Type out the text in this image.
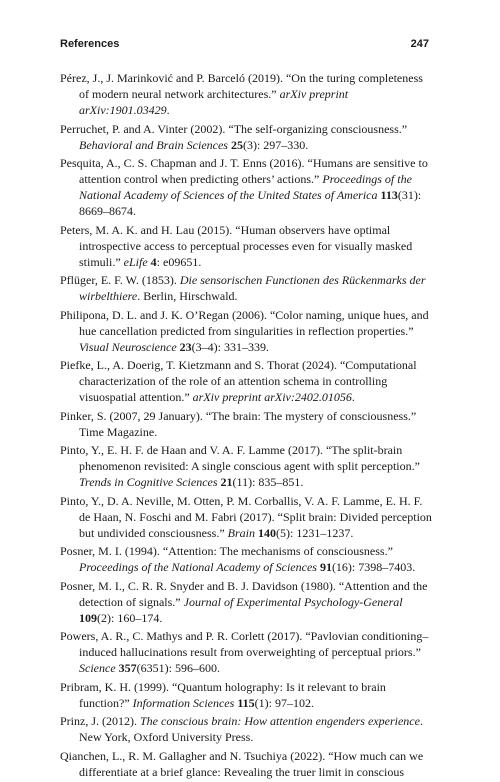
References	247
Pérez, J., J. Marinković and P. Barceló (2019). “On the turing completeness of modern neural network architectures.” arXiv preprint arXiv:1901.03429.
Perruchet, P. and A. Vinter (2002). “The self-organizing consciousness.” Behavioral and Brain Sciences 25(3): 297–330.
Pesquita, A., C. S. Chapman and J. T. Enns (2016). “Humans are sensitive to attention control when predicting others’ actions.” Proceedings of the National Academy of Sciences of the United States of America 113(31): 8669–8674.
Peters, M. A. K. and H. Lau (2015). “Human observers have optimal introspective access to perceptual processes even for visually masked stimuli.” eLife 4: e09651.
Pflüger, E. F. W. (1853). Die sensorischen Functionen des Rückenmarks der wirbelthiere. Berlin, Hirschwald.
Philipona, D. L. and J. K. O’Regan (2006). “Color naming, unique hues, and hue cancellation predicted from singularities in reflection properties.” Visual Neuroscience 23(3–4): 331–339.
Piefke, L., A. Doerig, T. Kietzmann and S. Thorat (2024). “Computational characterization of the role of an attention schema in controlling visuospatial attention.” arXiv preprint arXiv:2402.01056.
Pinker, S. (2007, 29 January). “The brain: The mystery of consciousness.” Time Magazine.
Pinto, Y., E. H. F. de Haan and V. A. F. Lamme (2017). “The split-brain phenomenon revisited: A single conscious agent with split perception.” Trends in Cognitive Sciences 21(11): 835–851.
Pinto, Y., D. A. Neville, M. Otten, P. M. Corballis, V. A. F. Lamme, E. H. F. de Haan, N. Foschi and M. Fabri (2017). “Split brain: Divided perception but undivided consciousness.” Brain 140(5): 1231–1237.
Posner, M. I. (1994). “Attention: The mechanisms of consciousness.” Proceedings of the National Academy of Sciences 91(16): 7398–7403.
Posner, M. I., C. R. R. Snyder and B. J. Davidson (1980). “Attention and the detection of signals.” Journal of Experimental Psychology-General 109(2): 160–174.
Powers, A. R., C. Mathys and P. R. Corlett (2017). “Pavlovian conditioning–induced hallucinations result from overweighting of perceptual priors.” Science 357(6351): 596–600.
Pribram, K. H. (1999). “Quantum holography: Is it relevant to brain function?” Information Sciences 115(1): 97–102.
Prinz, J. (2012). The conscious brain: How attention engenders experience. New York, Oxford University Press.
Qianchen, L., R. M. Gallagher and N. Tsuchiya (2022). “How much can we differentiate at a brief glance: Revealing the truer limit in conscious
